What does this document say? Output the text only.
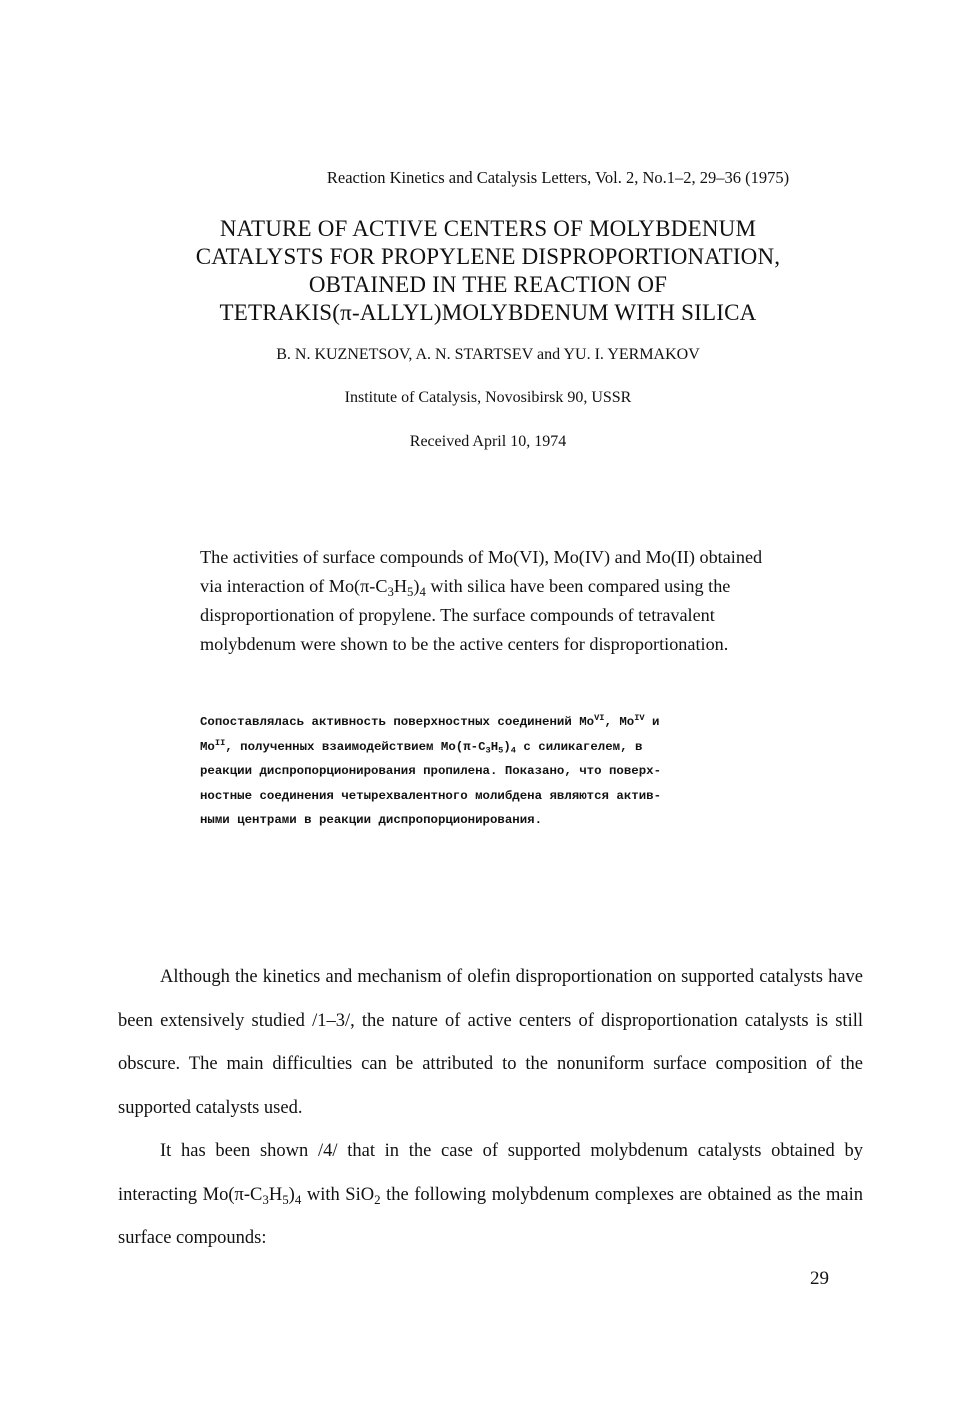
Reaction Kinetics and Catalysis Letters, Vol. 2, No.1–2, 29–36 (1975)
NATURE OF ACTIVE CENTERS OF MOLYBDENUM
CATALYSTS FOR PROPYLENE DISPROPORTIONATION,
OBTAINED IN THE REACTION OF
TETRAKIS(π-ALLYL)MOLYBDENUM WITH SILICA
B. N. KUZNETSOV, A. N. STARTSEV and YU. I. YERMAKOV
Institute of Catalysis, Novosibirsk 90, USSR
Received April 10, 1974
The activities of surface compounds of Mo(VI), Mo(IV) and Mo(II) obtained
via interaction of $Mo(\pi-C_3H_5)_4$ with silica have been compared using the
disproportionation of propylene. The surface compounds of tetravalent
molybdenum were shown to be the active centers for disproportionation.
Сопоставлялась активность поверхностных соединений $Mo^{VI}$, $Mo^{IV}$ и
$Mo^{II}$, полученных взаимодействием $Mo(\pi-C_3H_5)_4$ с силикагелем, в
реакции диспропорционирования пропилена. Показано, что поверх-
ностные соединения четырехвалентного молибдена являются актив-
ными центрами в реакции диспропорционирования.

Although the kinetics and mechanism of olefin disproportionation on supported catalysts have been extensively studied /1–3/, the nature of active centers of disproportionation catalysts is still obscure. The main difficulties can be attributed to the nonuniform surface composition of the supported catalysts used.

It has been shown /4/ that in the case of supported molybdenum catalysts obtained by interacting $Mo(\pi-C_3H_5)_4$ with SiO$_2$ the following molybdenum complexes are obtained as the main surface compounds:

29
